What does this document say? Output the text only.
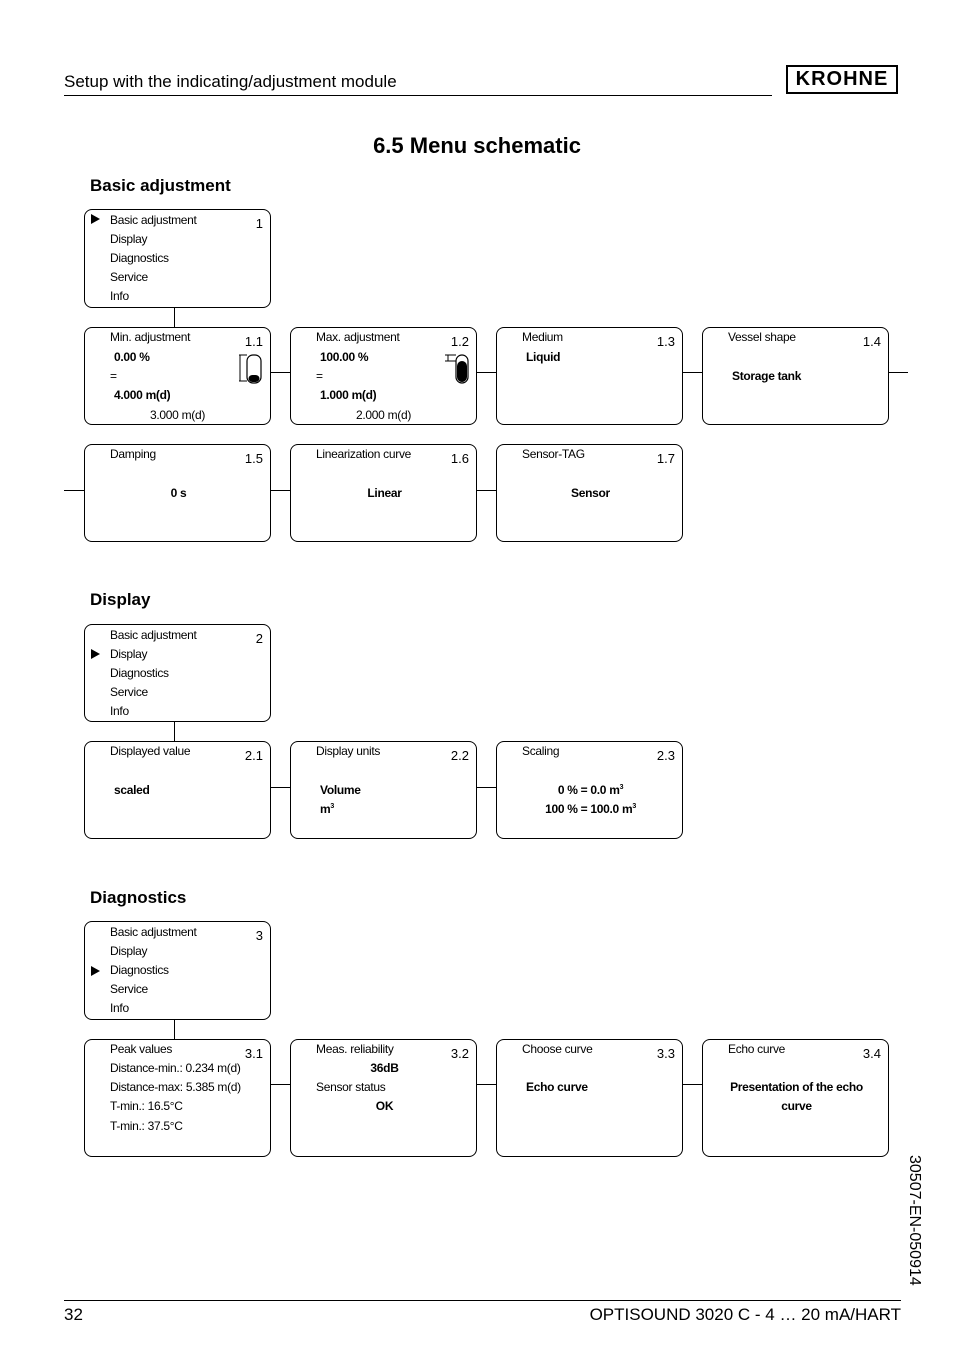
Setup with the indicating/adjustment module	KROHNE
6.5 Menu schematic
Basic adjustment
Basic adjustment
Display
Diagnostics
Service
Info
1
Min. adjustment	1.1
0.00 %
=
4.000 m(d)
3.000 m(d)
Max. adjustment	1.2
100.00 %
=
1.000 m(d)
2.000 m(d)
Medium	1.3
Liquid
Vessel shape	1.4
Storage tank
Damping	1.5
0 s
Linearization curve	1.6
Linear
Sensor-TAG	1.7
Sensor
Display
Basic adjustment
Display
Diagnostics
Service
Info
2
Displayed value	2.1
scaled
Display units	2.2
Volume
$m^3$
Scaling	2.3
0 % = 0.0 $m^3$
100 % = 100.0 $m^3$
Diagnostics
Basic adjustment
Display
Diagnostics
Service
Info
3
Peak values	3.1
Distance-min.: 0.234 m(d)
Distance-max: 5.385 m(d)
T-min.: 16.5°C
T-min.: 37.5°C
Meas. reliability	3.2
36dB
Sensor status
OK
Choose curve	3.3
Echo curve
Echo curve	3.4
Presentation of the echo
curve
30507-EN-050914
32	OPTISOUND 3020 C - 4 … 20 mA/HART
